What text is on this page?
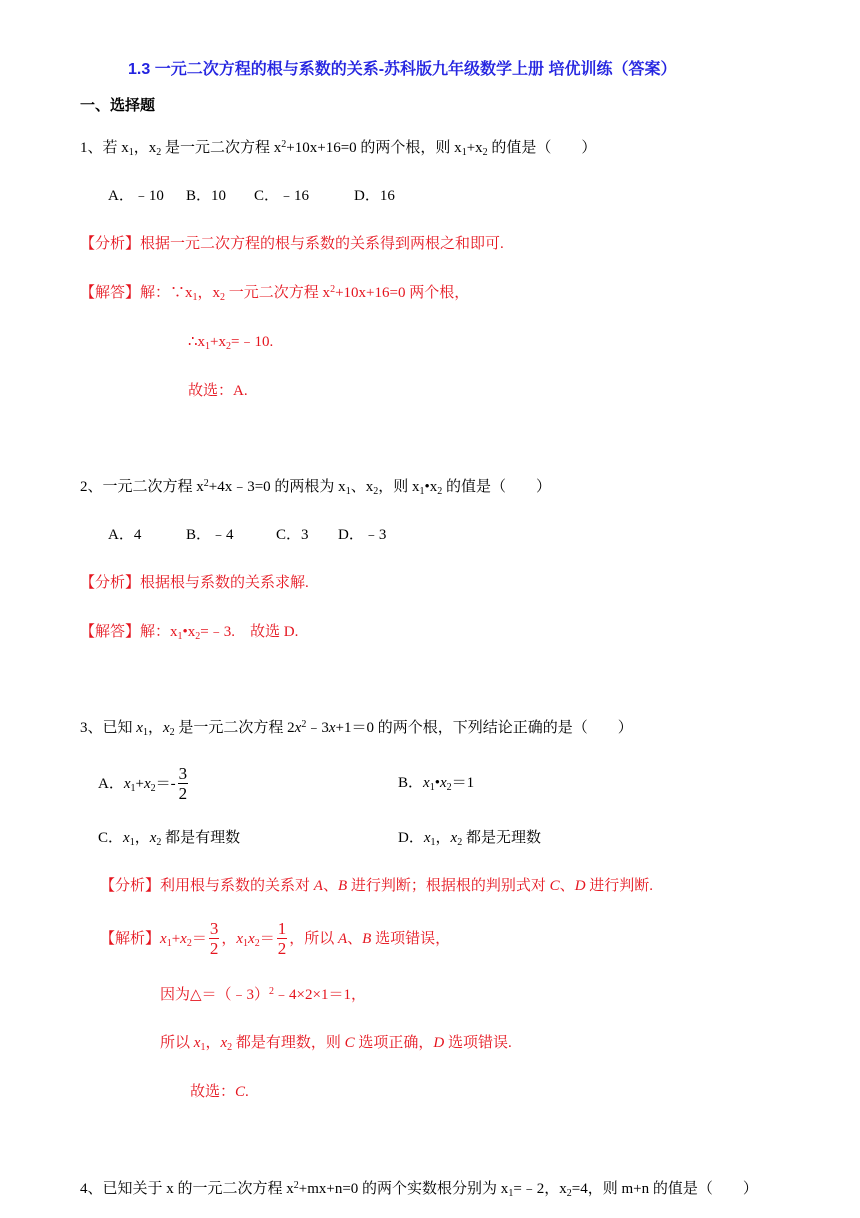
1.3 一元二次方程的根与系数的关系-苏科版九年级数学上册 培优训练（答案）
一、选择题
1、若 $x_1$，$x_2$ 是一元二次方程 $x^2+10x+16=0$ 的两个根，则 $x_1+x_2$ 的值是（　　）
A．﹣10 B．10 C．﹣16	D．16
【分析】根据一元二次方程的根与系数的关系得到两根之和即可.
【解答】解：$\because x_1$，$x_2$ 一元二次方程 $x^2+10x+16=0$ 两个根，
$\therefore x_1+x_2=﹣10$.
故选：A.
2、一元二次方程 $x^2+4x﹣3=0$ 的两根为 $x_1$、$x_2$，则 $x_1•x_2$ 的值是（　　）
A．4	B．﹣4	C．3 D．﹣3
【分析】根据根与系数的关系求解.
【解答】解：$x_1•x_2=﹣3$.　故选 D.
3、已知 $x_1$，$x_2$ 是一元二次方程 $2x^2﹣3x+1=0$ 的两个根，下列结论正确的是（　　）
A．$x_1+x_2=- \frac{3}{2}$	B．$x_1•x_2=1$
C．$x_1$，$x_2$ 都是有理数	D．$x_1$，$x_2$ 都是无理数
【分析】利用根与系数的关系对 A、B 进行判断；根据根的判别式对 C、D 进行判断.
【解析】$x_1+x_2= \frac{3}{2}$ ，$x_1x_2= \frac{1}{2}$ ，所以 A、B 选项错误，
因为△＝（﹣3）$^2$﹣4×2×1＝1，
所以 $x_1$，$x_2$ 都是有理数，则 C 选项正确，D 选项错误.
故选：C.
4、已知关于 x 的一元二次方程 $x^2+mx+n=0$ 的两个实数根分别为 $x_1=﹣2$，$x_2=4$，则 m+n 的值是（　　）
